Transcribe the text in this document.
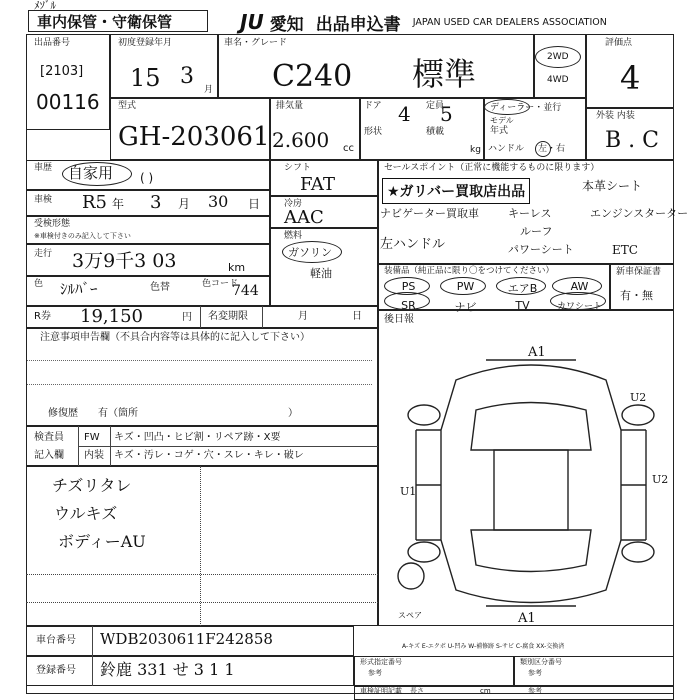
ﾒｿﾞﾙ
車内保管・守衛保管	JU 愛知 出品申込書 JAPAN USED CAR DEALERS ASSOCIATION
出品番号
[2103]
00116
初度登録年月
15 3
月
車名・グレード
C240 標準	2WD
4WD
評価点
4
型式
GH-203061
排気量
2.600 cc
ドア 4 定員
5
形状	積載
kg
ディーラー・並行
モデル
年式
ハンドル 左・右
外装 内装
B . C
車歴 自家用 ( )
車検 R5 年 3 月 30 日
受検形態
※車検付きのみ記入して下さい
走行 3万9千3 03	km
色 ｼﾙﾊﾞｰ	色替	色コード
744
シフト
FAT
冷房
AAC
燃料
ガソリン
軽油
セールスポイント（正常に機能するものに限ります）
★ガリバー買取店出品	本革シート
ナビゲーター買取車	キーレス	エンジンスターター
ルーフ
左ハンドル	パワーシート	ETC
装備品（純正品に限り〇をつけてください）
PS	PW	エアB	AW
SR	ナビ	TV	カワシート
新車保証書
有・無
R券 19,150	円 名変期限	月	日
注意事項申告欄（不具合内容等は具体的に記入して下さい）
修復歴　　有（箇所　　　　　　　　　　　　　　　）
検査員
記入欄
FW キズ・凹凸・ヒビ割・リペア跡・X要
内装 キズ・汚レ・コゲ・穴・スレ・キレ・破レ
チズリタレ
ウルキズ
ボディーAU
後日報
スペア
A1
A1
U2
U1
U2
A-キズ E-エクボ U-凹み W-補修跡 S-サビ C-腐食 XX-交換済
車台番号 WDB2030611F242858
登録番号 鈴鹿 331 せ 3 1 1	形式指定番号
参考
類別区分番号
参考
車検証明記載 長さ	cm	参考
